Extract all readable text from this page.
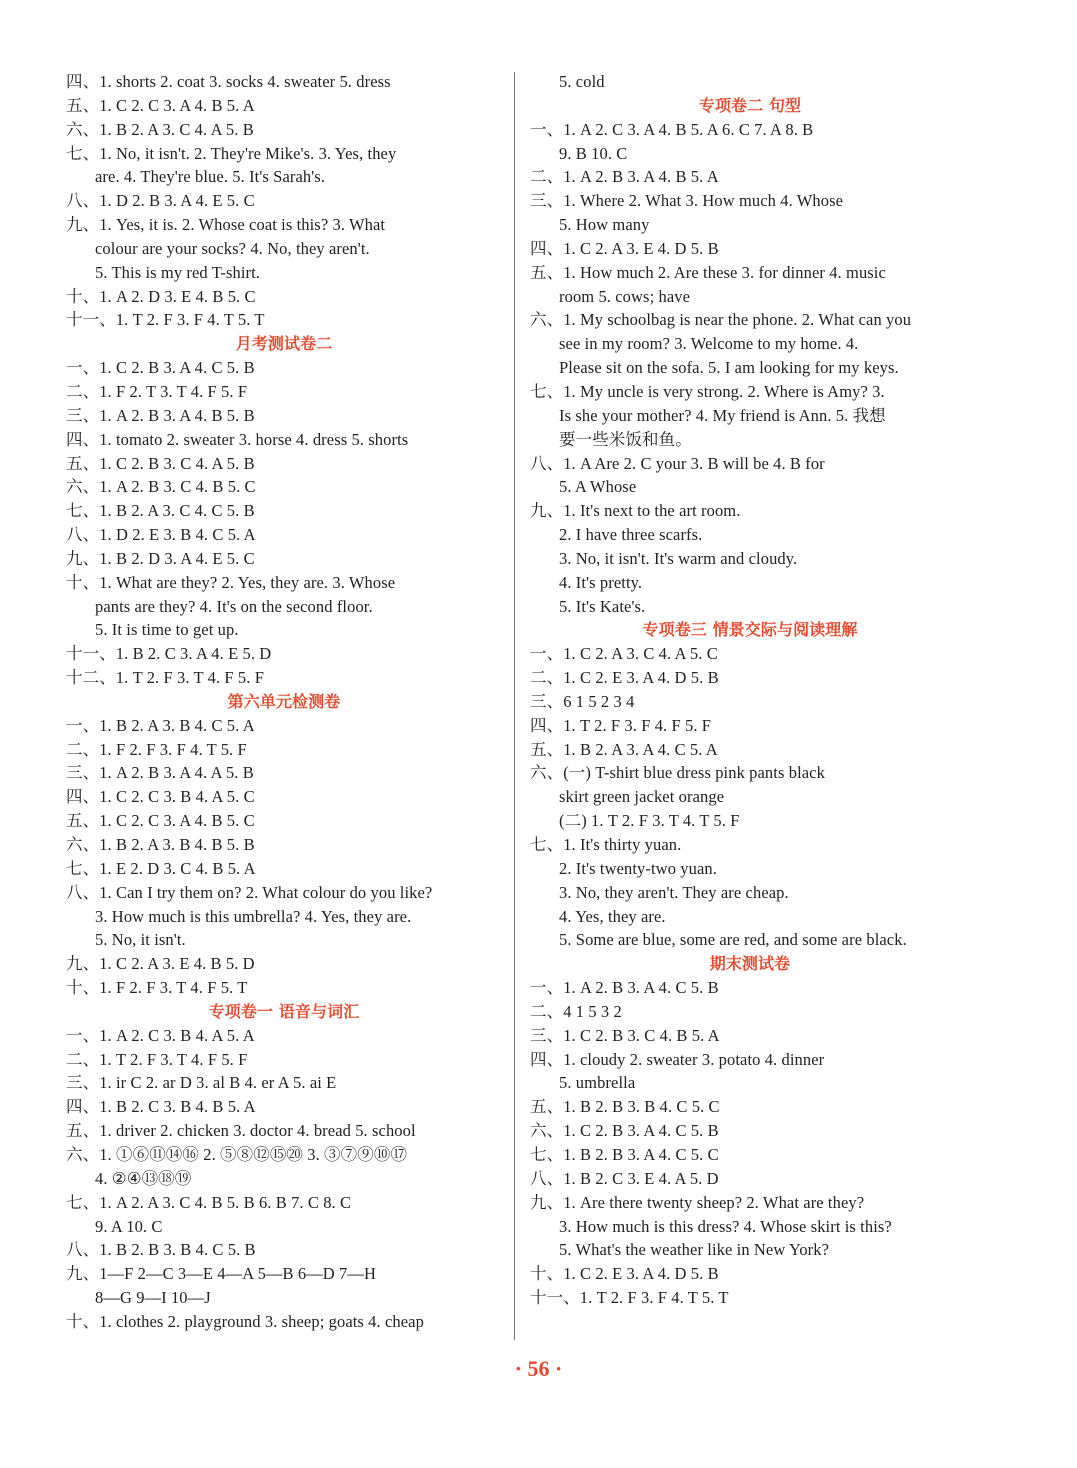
四、1. shorts 2. coat 3. socks 4. sweater 5. dress
五、1. C 2. C 3. A 4. B 5. A
六、1. B 2. A 3. C 4. A 5. B
七、1. No, it isn't. 2. They're Mike's. 3. Yes, they
are. 4. They're blue. 5. It's Sarah's.
八、1. D 2. B 3. A 4. E 5. C
九、1. Yes, it is. 2. Whose coat is this? 3. What
colour are your socks? 4. No, they aren't.
5. This is my red T-shirt.
十、1. A 2. D 3. E 4. B 5. C
十一、1. T 2. F 3. F 4. T 5. T
月考测试卷二
一、1. C 2. B 3. A 4. C 5. B
二、1. F 2. T 3. T 4. F 5. F
三、1. A 2. B 3. A 4. B 5. B
四、1. tomato 2. sweater 3. horse 4. dress 5. shorts
五、1. C 2. B 3. C 4. A 5. B
六、1. A 2. B 3. C 4. B 5. C
七、1. B 2. A 3. C 4. C 5. B
八、1. D 2. E 3. B 4. C 5. A
九、1. B 2. D 3. A 4. E 5. C
十、1. What are they? 2. Yes, they are. 3. Whose
pants are they? 4. It's on the second floor.
5. It is time to get up.
十一、1. B 2. C 3. A 4. E 5. D
十二、1. T 2. F 3. T 4. F 5. F
第六单元检测卷
一、1. B 2. A 3. B 4. C 5. A
二、1. F 2. F 3. F 4. T 5. F
三、1. A 2. B 3. A 4. A 5. B
四、1. C 2. C 3. B 4. A 5. C
五、1. C 2. C 3. A 4. B 5. C
六、1. B 2. A 3. B 4. B 5. B
七、1. E 2. D 3. C 4. B 5. A
八、1. Can I try them on? 2. What colour do you like?
3. How much is this umbrella? 4. Yes, they are.
5. No, it isn't.
九、1. C 2. A 3. E 4. B 5. D
十、1. F 2. F 3. T 4. F 5. T
专项卷一 语音与词汇
一、1. A 2. C 3. B 4. A 5. A
二、1. T 2. F 3. T 4. F 5. F
三、1. ir C 2. ar D 3. al B 4. er A 5. ai E
四、1. B 2. C 3. B 4. B 5. A
五、1. driver 2. chicken 3. doctor 4. bread 5. school
六、1. ①⑥⑪⑭⑯ 2. ⑤⑧⑫⑮⑳ 3. ③⑦⑨⑩⑰
4. ②④⑬⑱⑲
七、1. A 2. A 3. C 4. B 5. B 6. B 7. C 8. C
9. A 10. C
八、1. B 2. B 3. B 4. C 5. B
九、1—F 2—C 3—E 4—A 5—B 6—D 7—H
8—G 9—I 10—J
十、1. clothes 2. playground 3. sheep; goats 4. cheap
5. cold
专项卷二 句型
一、1. A 2. C 3. A 4. B 5. A 6. C 7. A 8. B
9. B 10. C
二、1. A 2. B 3. A 4. B 5. A
三、1. Where 2. What 3. How much 4. Whose
5. How many
四、1. C 2. A 3. E 4. D 5. B
五、1. How much 2. Are these 3. for dinner 4. music
room 5. cows; have
六、1. My schoolbag is near the phone. 2. What can you
see in my room? 3. Welcome to my home. 4.
Please sit on the sofa. 5. I am looking for my keys.
七、1. My uncle is very strong. 2. Where is Amy? 3.
Is she your mother? 4. My friend is Ann. 5. 我想
要一些米饭和鱼。
八、1. A Are 2. C your 3. B will be 4. B for
5. A Whose
九、1. It's next to the art room.
2. I have three scarfs.
3. No, it isn't. It's warm and cloudy.
4. It's pretty.
5. It's Kate's.
专项卷三 情景交际与阅读理解
一、1. C 2. A 3. C 4. A 5. C
二、1. C 2. E 3. A 4. D 5. B
三、6 1 5 2 3 4
四、1. T 2. F 3. F 4. F 5. F
五、1. B 2. A 3. A 4. C 5. A
六、(一) T-shirt blue dress pink pants black
skirt green jacket orange
(二) 1. T 2. F 3. T 4. T 5. F
七、1. It's thirty yuan.
2. It's twenty-two yuan.
3. No, they aren't. They are cheap.
4. Yes, they are.
5. Some are blue, some are red, and some are black.
期末测试卷
一、1. A 2. B 3. A 4. C 5. B
二、4 1 5 3 2
三、1. C 2. B 3. C 4. B 5. A
四、1. cloudy 2. sweater 3. potato 4. dinner
5. umbrella
五、1. B 2. B 3. B 4. C 5. C
六、1. C 2. B 3. A 4. C 5. B
七、1. B 2. B 3. A 4. C 5. C
八、1. B 2. C 3. E 4. A 5. D
九、1. Are there twenty sheep? 2. What are they?
3. How much is this dress? 4. Whose skirt is this?
5. What's the weather like in New York?
十、1. C 2. E 3. A 4. D 5. B
十一、1. T 2. F 3. F 4. T 5. T
· 56 ·
